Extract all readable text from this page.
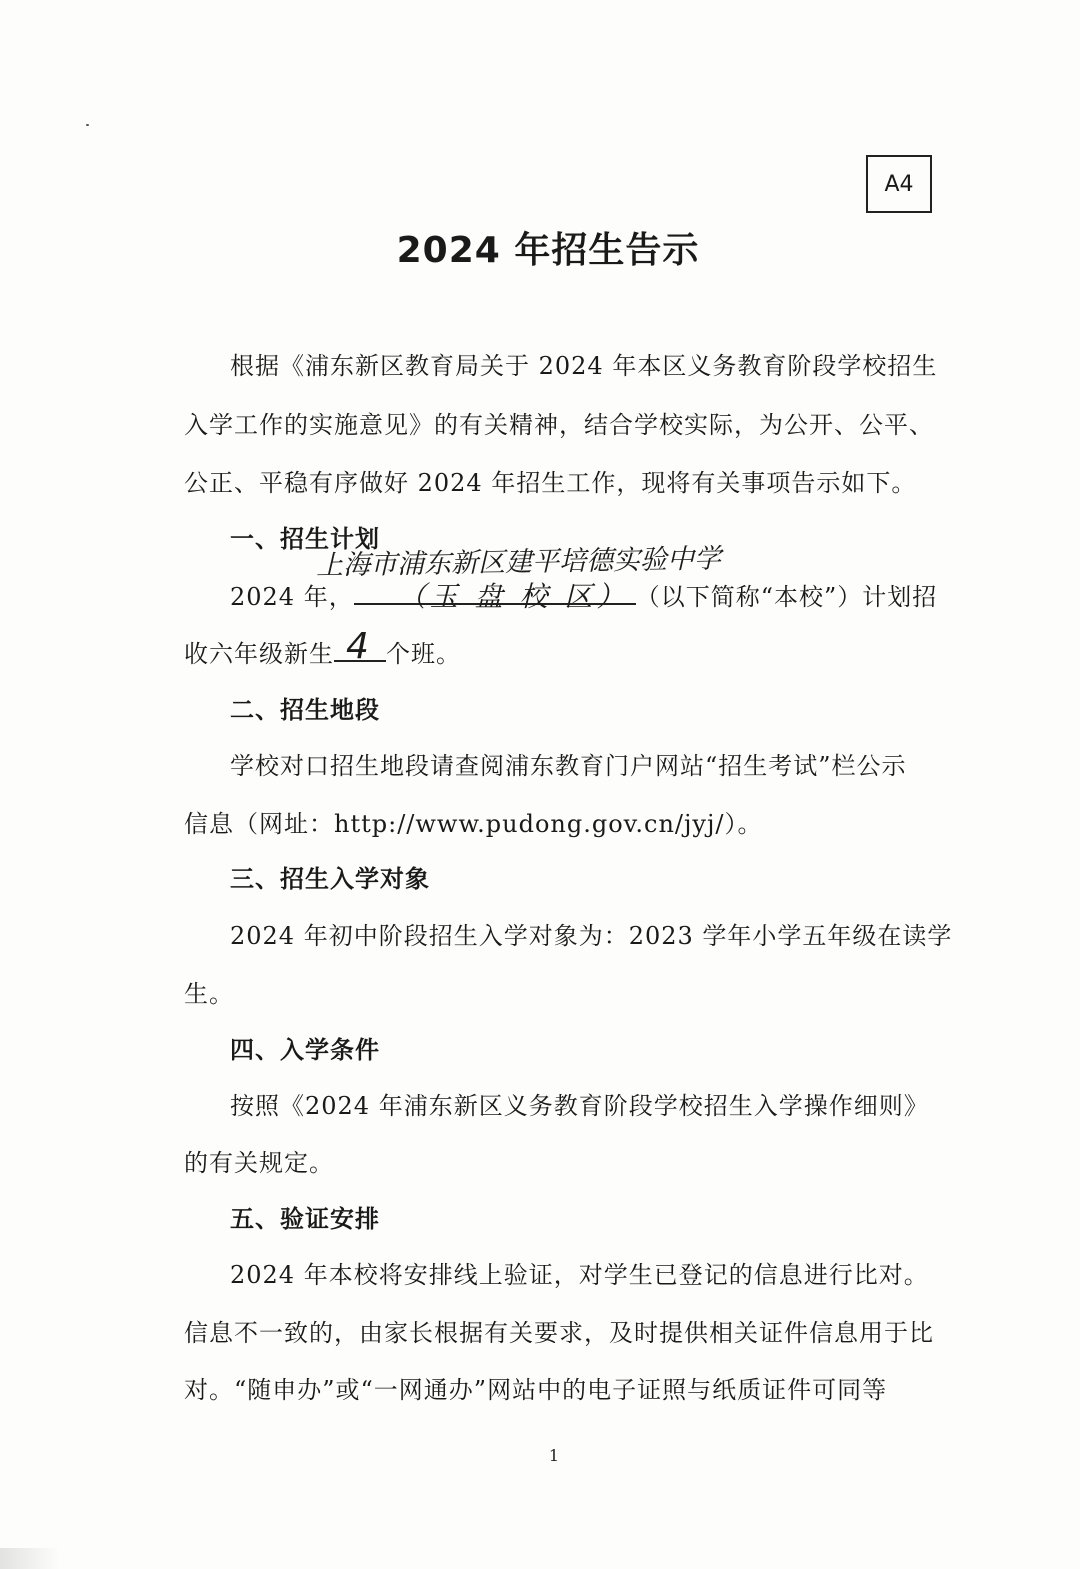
A4
2024 年招生告示
根据《浦东新区教育局关于 2024 年本区义务教育阶段学校招生
入学工作的实施意见》的有关精神，结合学校实际，为公开、公平、
公正、平稳有序做好 2024 年招生工作，现将有关事项告示如下。
一、招生计划
上海市浦东新区建平培德实验中学
2024 年， （玉 盘 校 区） （以下简称“本校”）计划招
收六年级新生 4 个班。
二、招生地段
学校对口招生地段请查阅浦东教育门户网站“招生考试”栏公示
信息（网址：http://www.pudong.gov.cn/jyj/）。
三、招生入学对象
2024 年初中阶段招生入学对象为：2023 学年小学五年级在读学
生。
四、入学条件
按照《2024 年浦东新区义务教育阶段学校招生入学操作细则》
的有关规定。
五、验证安排
2024 年本校将安排线上验证，对学生已登记的信息进行比对。
信息不一致的，由家长根据有关要求，及时提供相关证件信息用于比
对。“随申办”或“一网通办”网站中的电子证照与纸质证件可同等
1
